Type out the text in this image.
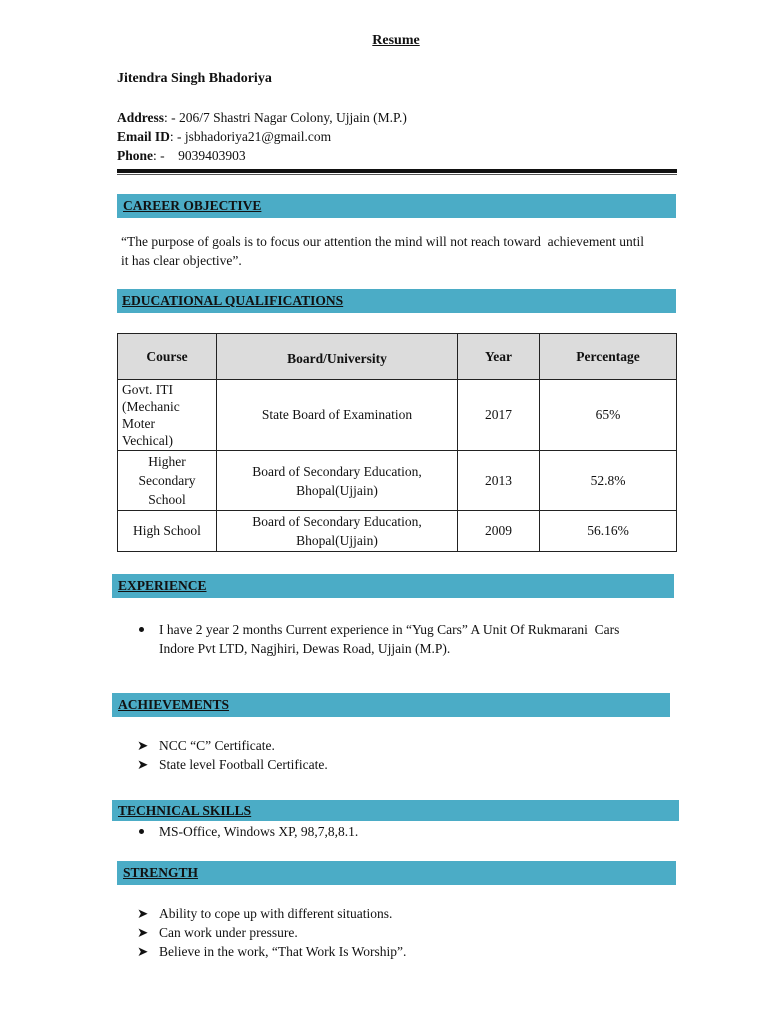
Resume
Jitendra Singh Bhadoriya
Address: - 206/7 Shastri Nagar Colony, Ujjain (M.P.)
Email ID: - jsbhadoriya21@gmail.com
Phone: -    9039403903
CAREER OBJECTIVE
“The purpose of goals is to focus our attention the mind will not reach toward  achievement until
it has clear objective”.
EDUCATIONAL QUALIFICATIONS
Course	Board/University	Year	Percentage
Govt. ITI
(Mechanic
Moter
Vechical)	State Board of Examination	2017	65%
Higher
Secondary
School	Board of Secondary Education,
Bhopal(Ujjain)	2013	52.8%
High School	Board of Secondary Education,
Bhopal(Ujjain)	2009	56.16%
EXPERIENCE
I have 2 year 2 months Current experience in “Yug Cars” A Unit Of Rukmarani  Cars
Indore Pvt LTD, Nagjhiri, Dewas Road, Ujjain (M.P).
ACHIEVEMENTS
➤ NCC “C” Certificate.
➤ State level Football Certificate.
TECHNICAL SKILLS
MS-Office, Windows XP, 98,7,8,8.1.
STRENGTH
➤ Ability to cope up with different situations.
➤ Can work under pressure.
➤ Believe in the work, “That Work Is Worship”.
